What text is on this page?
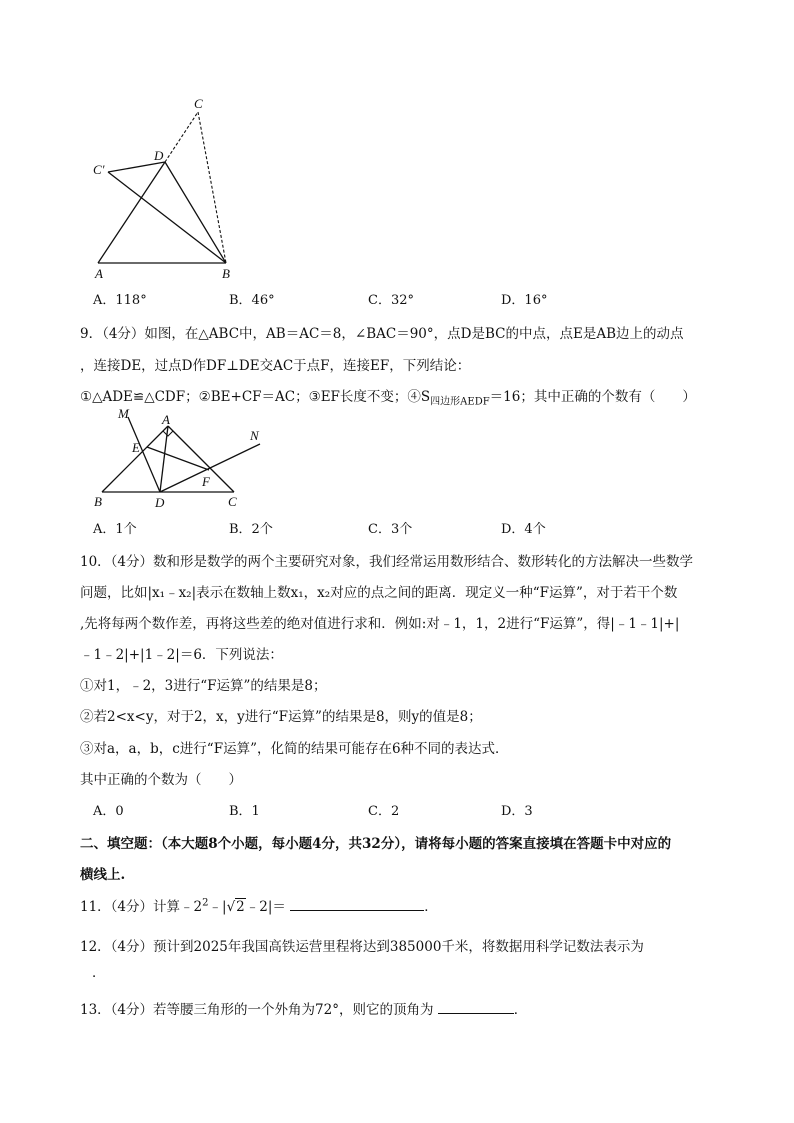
C
C′
D
A	B
A．118°	B．46°	C．32°	D．16°
9．（4分）如图，在△ABC中，AB＝AC＝8，∠BAC＝90°，点D是BC的中点，点E是AB边上的动点
，连接DE，过点D作DF⊥DE交AC于点F，连接EF，下列结论：
①△ADE≌△CDF；②BE+CF＝AC；③EF长度不变；$④S_{四边形AEDF}=16$；其中正确的个数有（　　）
M	A
E
N
F
B	D	C
A．1个	B．2个	C．3个	D．4个
10．（4分）数和形是数学的两个主要研究对象，我们经常运用数形结合、数形转化的方法解决一些数学
问题，比如|x₁﹣x₂|表示在数轴上数x₁，x₂对应的点之间的距离．现定义一种“F运算”，对于若干个数
,先将每两个数作差，再将这些差的绝对值进行求和．例如:对﹣1，1，2进行“F运算”，得|﹣1﹣1|+|
﹣1﹣2|+|1﹣2|＝6．下列说法：
①对1，﹣2，3进行“F运算”的结果是8；
②若2<x<y，对于2，x，y进行“F运算”的结果是8，则y的值是8；
③对a，a，b，c进行“F运算”，化简的结果可能存在6种不同的表达式．
其中正确的个数为（　　）
A．0	B．1	C．2	D．3
二、填空题：（本大题8个小题，每小题4分，共32分），请将每小题的答案直接填在答题卡中对应的
横线上.
11．（4分）计算$﹣2^2﹣|√2﹣2|=$	．
12．（4分）预计到2025年我国高铁运营里程将达到385000千米，将数据用科学记数法表示为
．
13．（4分）若等腰三角形的一个外角为72°，则它的顶角为	．
